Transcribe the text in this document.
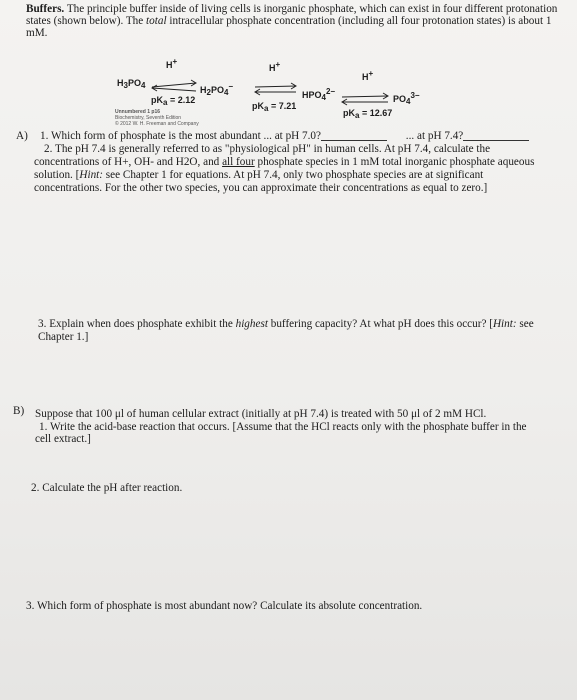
Buffers. The principle buffer inside of living cells is inorganic phosphate, which can exist in four different protonation
states (shown below). The total intracellular phosphate concentration (including all four protonation states) is about 1
mM.
H+
H+
H+
H3PO4	H2PO4−
HPO42−
PO43−
pKa = 2.12
pKa = 7.21
pKa = 12.67
Unnumbered 1 p16
Biochemistry, Seventh Edition
© 2012 W. H. Freeman and Company
A) 1. Which form of phosphate is the most abundant ... at pH 7.0?	... at pH 7.4?
2. The pH 7.4 is generally referred to as "physiological pH" in human cells. At pH 7.4, calculate the
concentrations of H+, OH- and H2O, and all four phosphate species in 1 mM total inorganic phosphate aqueous
solution. [Hint: see Chapter 1 for equations. At pH 7.4, only two phosphate species are at significant
concentrations. For the other two species, you can approximate their concentrations as equal to zero.]
3. Explain when does phosphate exhibit the highest buffering capacity? At what pH does this occur? [Hint: see
Chapter 1.]
B) Suppose that 100 μl of human cellular extract (initially at pH 7.4) is treated with 50 μl of 2 mM HCl.
1. Write the acid-base reaction that occurs. [Assume that the HCl reacts only with the phosphate buffer in the
cell extract.]
2. Calculate the pH after reaction.
3. Which form of phosphate is most abundant now? Calculate its absolute concentration.
